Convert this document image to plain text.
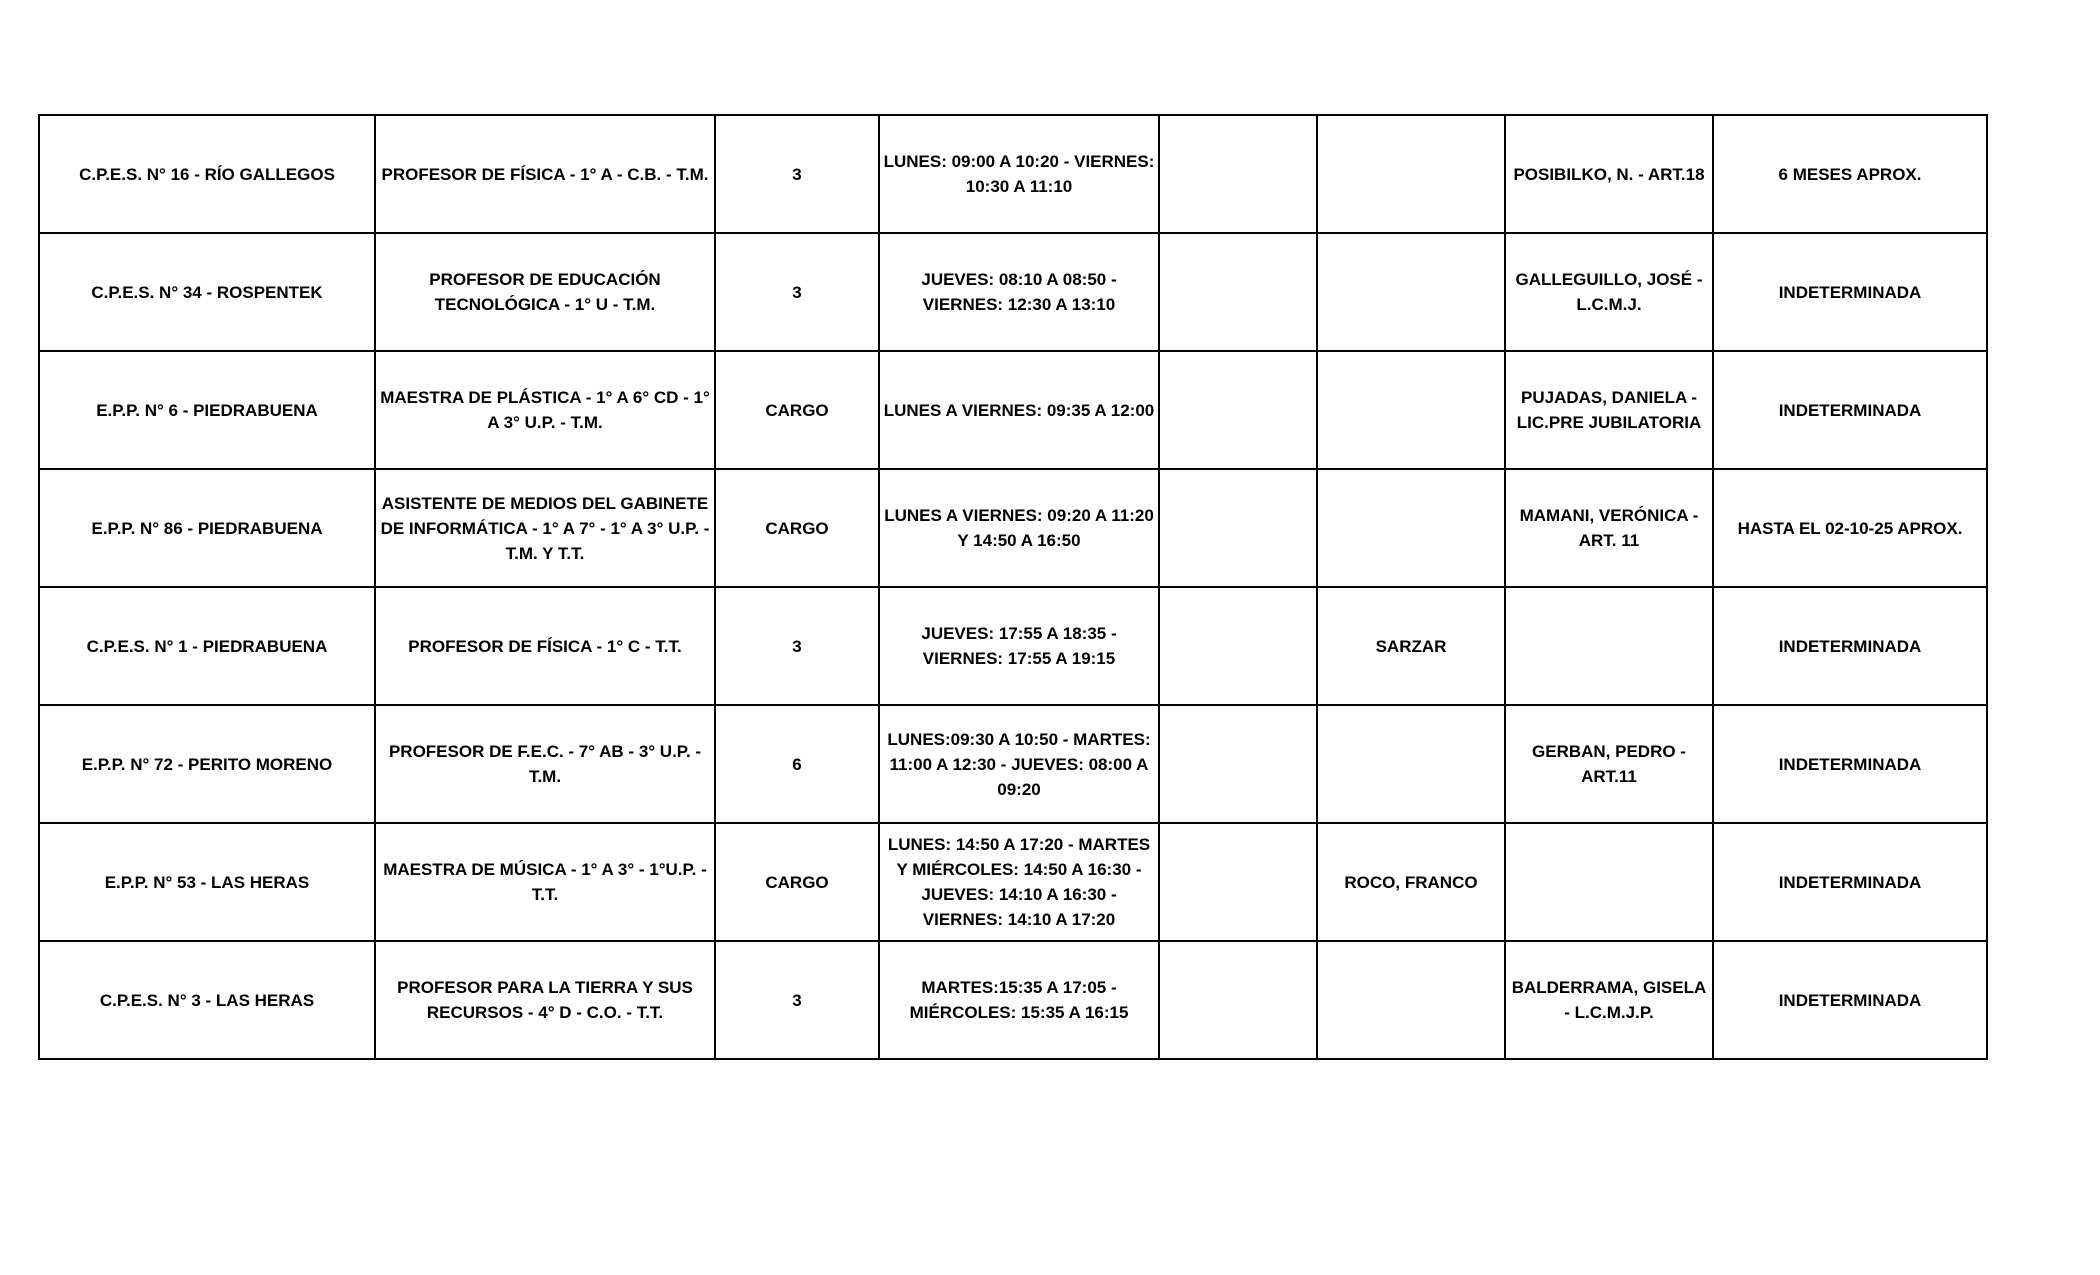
C.P.E.S. N° 16 - RÍO GALLEGOS	PROFESOR DE FÍSICA - 1° A - C.B. - T.M.	3	LUNES: 09:00 A 10:20 - VIERNES: 10:30 A 11:10			POSIBILKO, N. - ART.18	6 MESES APROX.
C.P.E.S. N° 34 - ROSPENTEK	PROFESOR DE EDUCACIÓN TECNOLÓGICA - 1° U - T.M.	3	JUEVES: 08:10 A 08:50 - VIERNES: 12:30 A 13:10			GALLEGUILLO, JOSÉ - L.C.M.J.	INDETERMINADA
E.P.P. N° 6 - PIEDRABUENA	MAESTRA DE PLÁSTICA - 1° A 6° CD - 1° A 3° U.P. - T.M.	CARGO	LUNES A VIERNES: 09:35 A 12:00			PUJADAS, DANIELA - LIC.PRE JUBILATORIA	INDETERMINADA
E.P.P. N° 86 - PIEDRABUENA	ASISTENTE DE MEDIOS DEL GABINETE DE INFORMÁTICA - 1° A 7° - 1° A 3° U.P. - T.M. Y T.T.	CARGO	LUNES A VIERNES: 09:20 A 11:20 Y 14:50 A 16:50			MAMANI, VERÓNICA - ART. 11	HASTA EL 02-10-25 APROX.
C.P.E.S. N° 1 - PIEDRABUENA	PROFESOR DE FÍSICA - 1° C - T.T.	3	JUEVES: 17:55 A 18:35 - VIERNES: 17:55 A 19:15		SARZAR		INDETERMINADA
E.P.P. N° 72 - PERITO MORENO	PROFESOR DE F.E.C. - 7° AB - 3° U.P. - T.M.	6	LUNES:09:30 A 10:50 - MARTES: 11:00 A 12:30 - JUEVES: 08:00 A 09:20			GERBAN, PEDRO - ART.11	INDETERMINADA
E.P.P. N° 53 - LAS HERAS	MAESTRA DE MÚSICA - 1° A 3° - 1°U.P. - T.T.	CARGO	LUNES: 14:50 A 17:20 - MARTES Y MIÉRCOLES: 14:50 A 16:30 - JUEVES: 14:10 A 16:30 - VIERNES: 14:10 A 17:20		ROCO, FRANCO		INDETERMINADA
C.P.E.S. N° 3 - LAS HERAS	PROFESOR PARA LA TIERRA Y SUS RECURSOS - 4° D - C.O. - T.T.	3	MARTES:15:35 A 17:05 - MIÉRCOLES: 15:35 A 16:15			BALDERRAMA, GISELA - L.C.M.J.P.	INDETERMINADA
